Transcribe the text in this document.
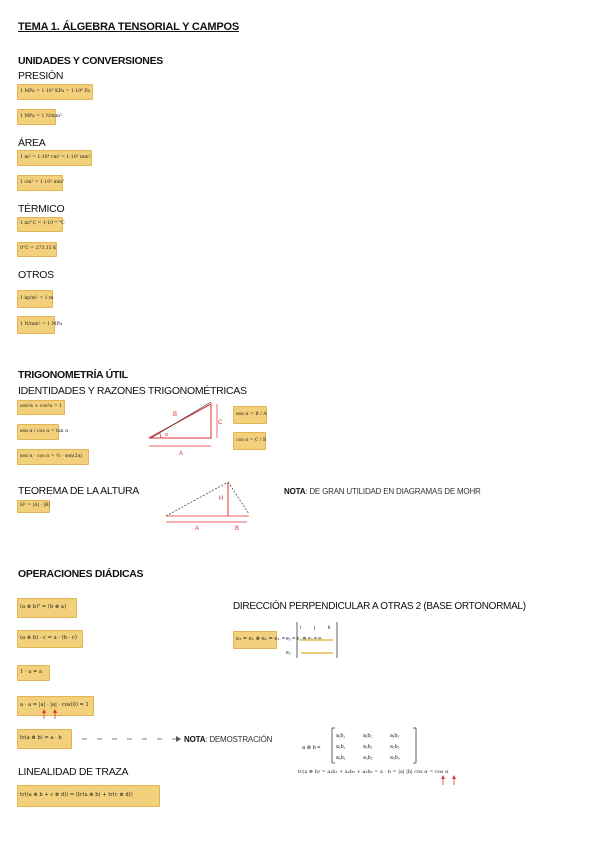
TEMA 1. ÁLGEBRA TENSORIAL Y CAMPOS
UNIDADES Y CONVERSIONES
PRESIÓN
1 MPa = 1·10³ KPa = 1·10⁶ Pa
1 MPa = 1 N/mm²
ÁREA
1 m² = 1·10⁴ cm² = 1·10⁶ mm²
1 cm² = 1·10² mm²
TÉRMICO
1 m/°C = 1·10⁻⁶ °C
0°C = 273,15 K
OTROS
1 kp/m² = 1 m
1 N/mm² = 1 MPa
TRIGONOMETRÍA ÚTIL
IDENTIDADES Y RAZONES TRIGONOMÉTRICAS
sen²α + cos²α = 1
sen α / cos α = tan α
sen α · cos α = ½ · sen(2α)	A
B
C
α
sen α = B / A
cos α = C / B
TEOREMA DE LA ALTURA
H² = |A| · |B|
A	B
H
NOTA: DE GRAN UTILIDAD EN DIAGRAMAS DE MOHR
OPERACIONES DIÁDICAS
(a ⊗ b)ᵀ = (b ⊗ a)
(a ⊗ b) · c = a · (b · c)
1 · a = a
a · a = |a| · |a| · cos(0) = 1
tr(a ⊗ b) = a · b	NOTA: DEMOSTRACIÓN
LINEALIDAD DE TRAZA
tr((a ⊗ b + c ⊗ d)) = (tr(a ⊗ b) + tr(c ⊗ d))
DIRECCIÓN PERPENDICULAR A OTRAS 2 (BASE ORTONORMAL)
e₃ = e₁ ⊗ e₂ = e₁ = e₃ = e₁ ⊗ e₂ = e₁
e₂
i	j	k
a ⊗ b =
a₁b₁	a₁b₂	a₁b₃
a₂b₁	a₂b₂	a₂b₃
a₃b₁	a₃b₂	a₃b₃
tr(a ⊗ b) = a₁b₁ + a₂b₂ + a₃b₃ = a · b = |a| |b| cos α = cos α
